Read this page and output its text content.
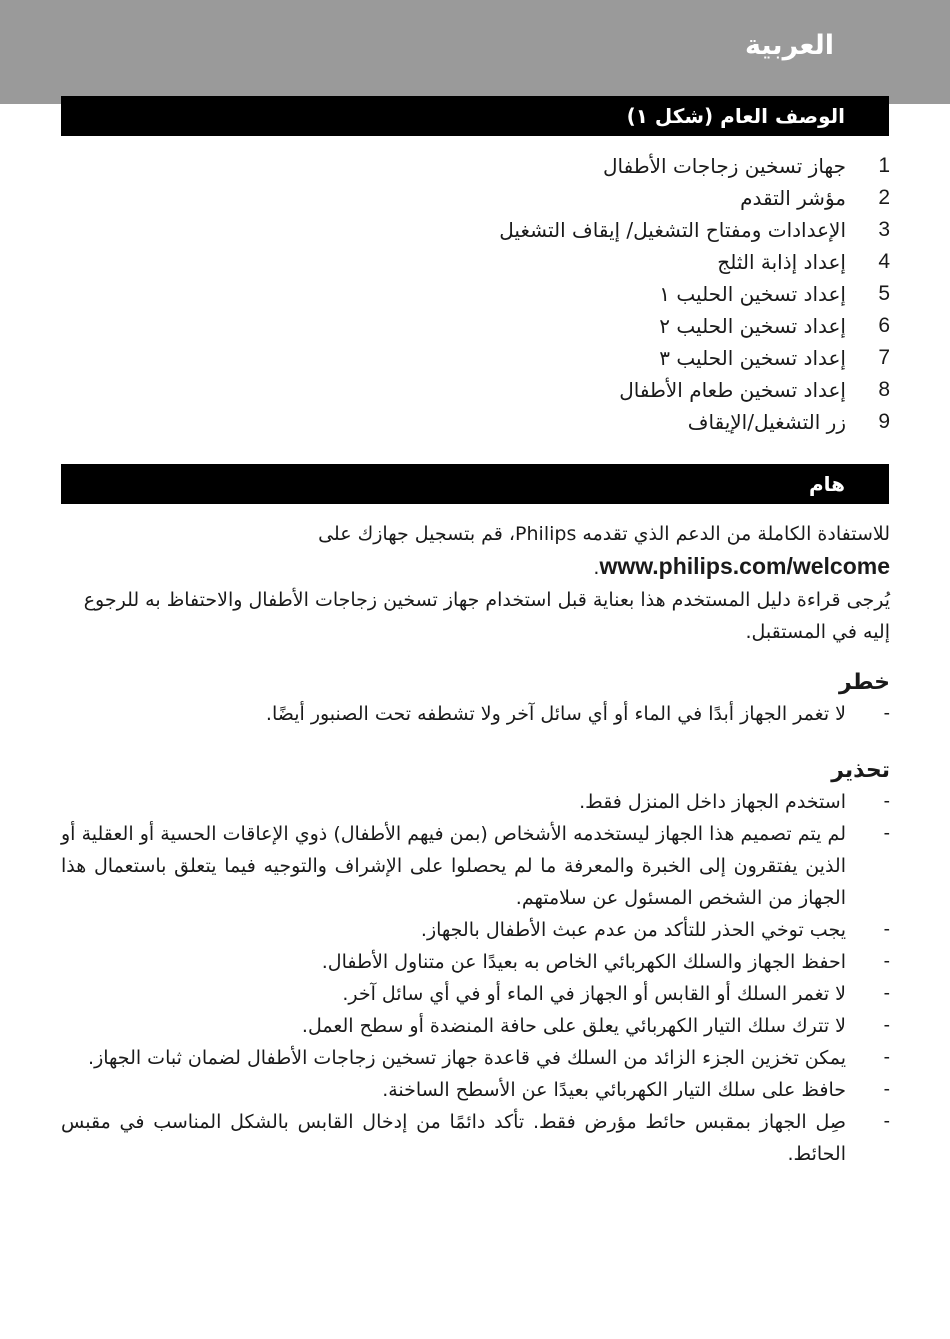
العربية
الوصف العام (شكل ١)
1
جهاز تسخين زجاجات الأطفال
2
مؤشر التقدم
3
الإعدادات ومفتاح التشغيل/ إيقاف التشغيل
4
إعداد إذابة الثلج
5
إعداد تسخين الحليب ١
6
إعداد تسخين الحليب ٢
7
إعداد تسخين الحليب ٣
8
إعداد تسخين طعام الأطفال
9
زر التشغيل/الإيقاف
هام

للاستفادة الكاملة من الدعم الذي تقدمه Philips، قم بتسجيل جهازك على
www.philips.com/welcome.

يُرجى قراءة دليل المستخدم هذا بعناية قبل استخدام جهاز تسخين زجاجات الأطفال والاحتفاظ به للرجوع إليه في المستقبل.

خطر
-
لا تغمر الجهاز أبدًا في الماء أو أي سائل آخر ولا تشطفه تحت الصنبور أيضًا.
تحذير
-
استخدم الجهاز داخل المنزل فقط.
-
لم يتم تصميم هذا الجهاز ليستخدمه الأشخاص (بمن فيهم الأطفال) ذوي الإعاقات الحسية أو العقلية أو الذين يفتقرون إلى الخبرة والمعرفة ما لم يحصلوا على الإشراف والتوجيه فيما يتعلق باستعمال هذا الجهاز من الشخص المسئول عن سلامتهم.
-
يجب توخي الحذر للتأكد من عدم عبث الأطفال بالجهاز.
-
احفظ الجهاز والسلك الكهربائي الخاص به بعيدًا عن متناول الأطفال.
-
لا تغمر السلك أو القابس أو الجهاز في الماء أو في أي سائل آخر.
-
لا تترك سلك التيار الكهربائي يعلق على حافة المنضدة أو سطح العمل.
-
يمكن تخزين الجزء الزائد من السلك في قاعدة جهاز تسخين زجاجات الأطفال لضمان ثبات الجهاز.
-
حافظ على سلك التيار الكهربائي بعيدًا عن الأسطح الساخنة.
-
صِل الجهاز بمقبس حائط مؤرض فقط. تأكد دائمًا من إدخال القابس بالشكل المناسب في مقبس الحائط.
